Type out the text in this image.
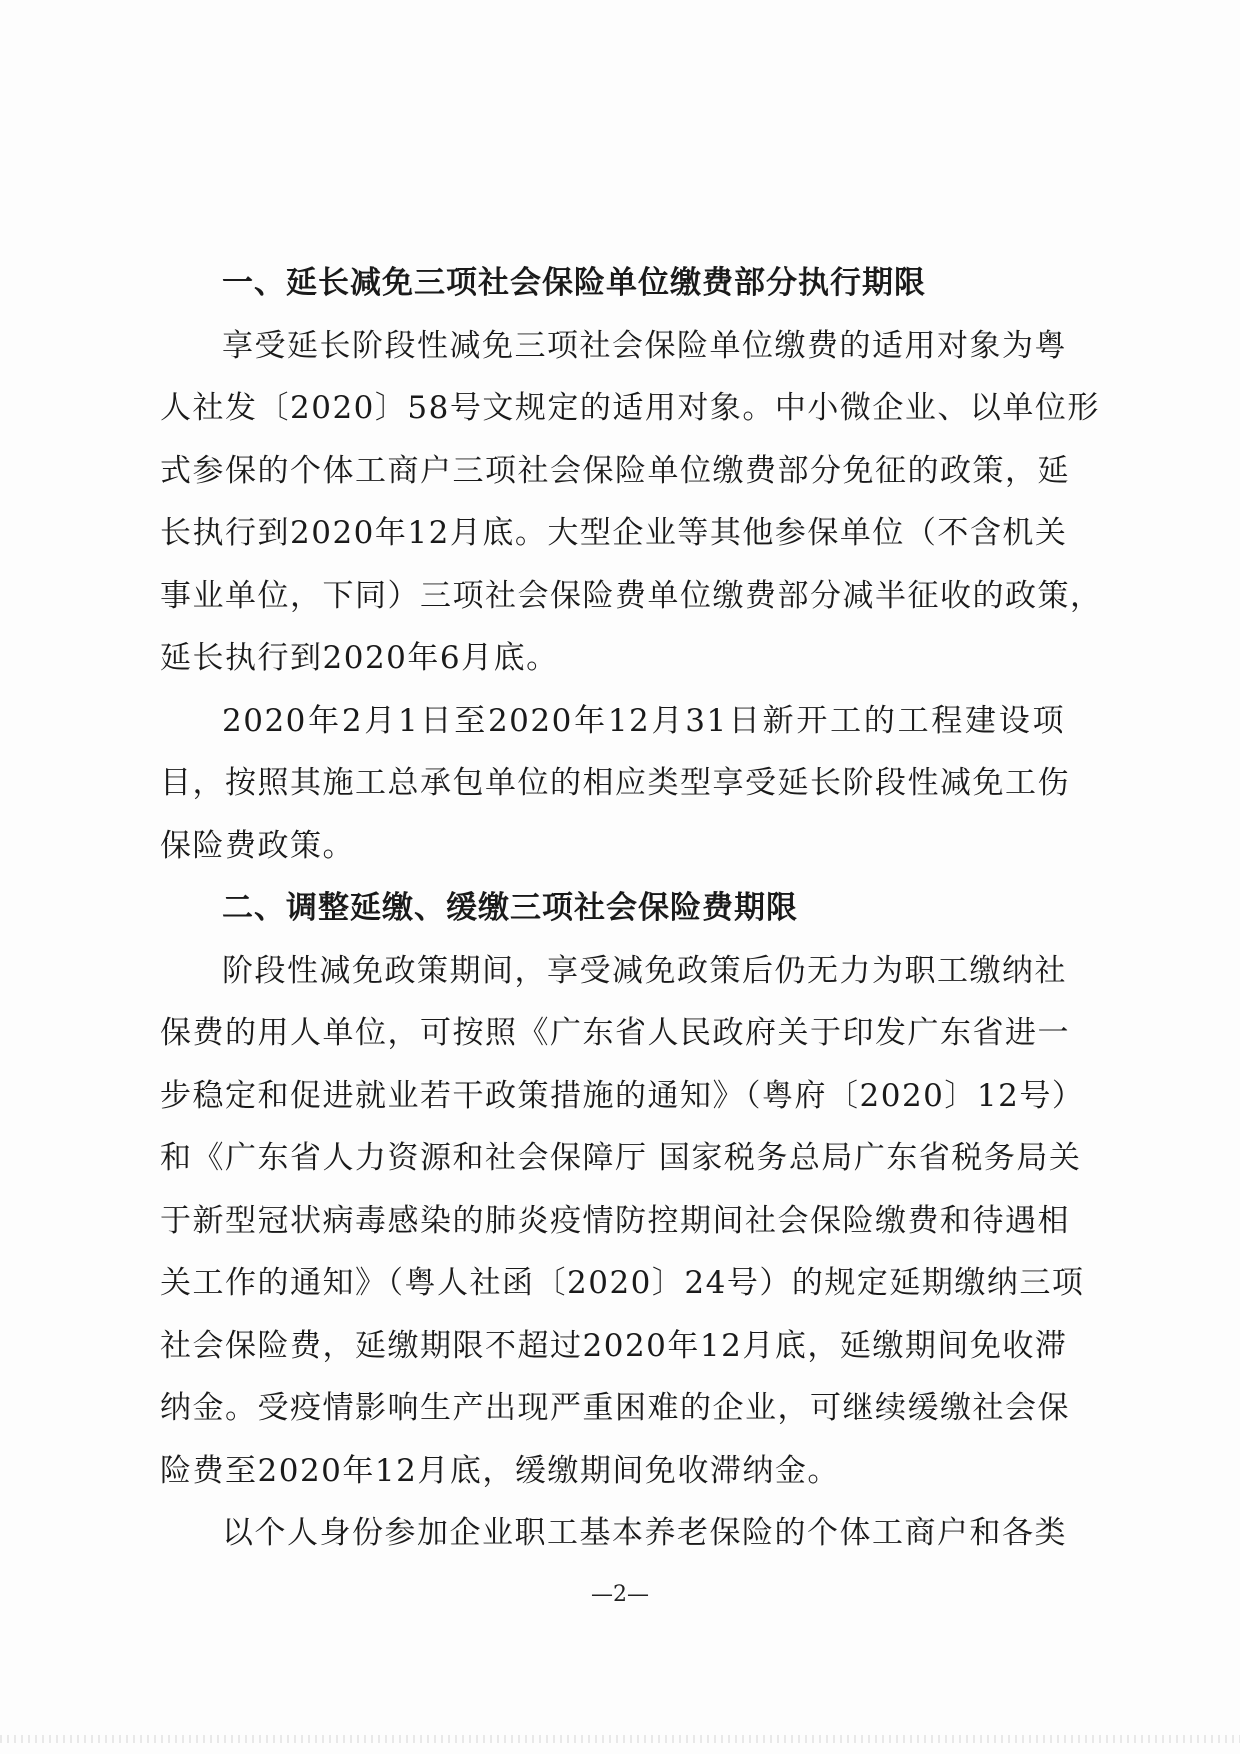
一、延长减免三项社会保险单位缴费部分执行期限
享受延长阶段性减免三项社会保险单位缴费的适用对象为粤
人社发〔2020〕58号文规定的适用对象。中小微企业、以单位形
式参保的个体工商户三项社会保险单位缴费部分免征的政策，延
长执行到2020年12月底。大型企业等其他参保单位（不含机关
事业单位，下同）三项社会保险费单位缴费部分减半征收的政策，
延长执行到2020年6月底。
2020年2月1日至2020年12月31日新开工的工程建设项
目，按照其施工总承包单位的相应类型享受延长阶段性减免工伤
保险费政策。
二、调整延缴、缓缴三项社会保险费期限
阶段性减免政策期间，享受减免政策后仍无力为职工缴纳社
保费的用人单位，可按照《广东省人民政府关于印发广东省进一
步稳定和促进就业若干政策措施的通知》（粤府〔2020〕12号）
和《广东省人力资源和社会保障厅 国家税务总局广东省税务局关
于新型冠状病毒感染的肺炎疫情防控期间社会保险缴费和待遇相
关工作的通知》（粤人社函〔2020〕24号）的规定延期缴纳三项
社会保险费，延缴期限不超过2020年12月底，延缴期间免收滞
纳金。受疫情影响生产出现严重困难的企业，可继续缓缴社会保
险费至2020年12月底，缓缴期间免收滞纳金。
以个人身份参加企业职工基本养老保险的个体工商户和各类
—2—
